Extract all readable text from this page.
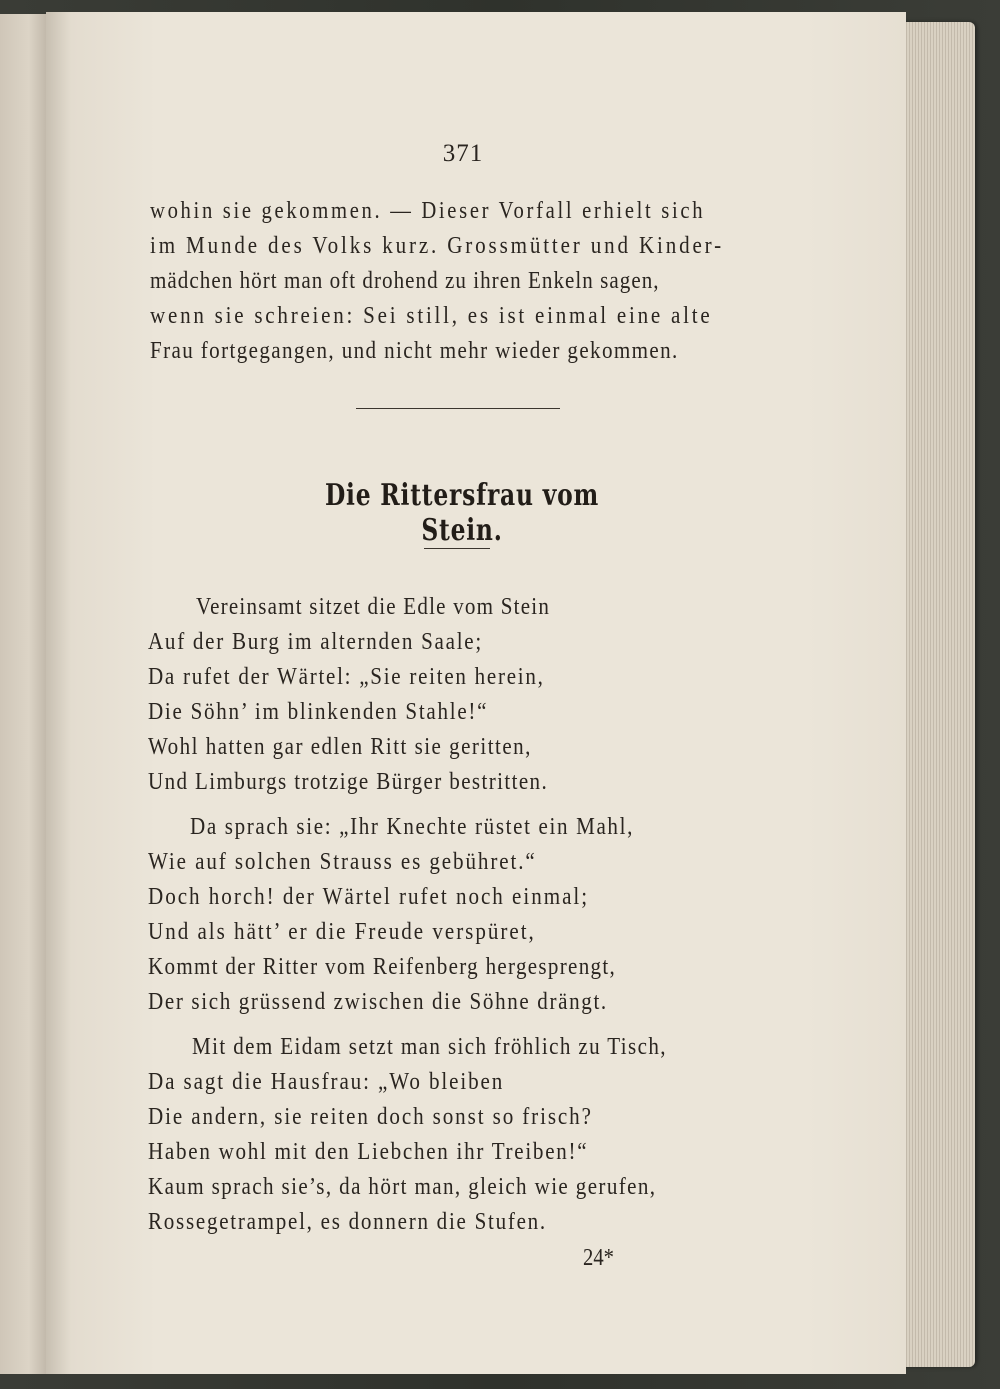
371
wohin sie gekommen. — Dieser Vorfall erhielt sich
im Munde des Volks kurz. Grossmütter und Kinder-
mädchen hört man oft drohend zu ihren Enkeln sagen,
wenn sie schreien: Sei still, es ist einmal eine alte
Frau fortgegangen, und nicht mehr wieder gekommen.
Die Rittersfrau vom Stein.
Vereinsamt sitzet die Edle vom Stein
Auf der Burg im alternden Saale;
Da rufet der Wärtel: „Sie reiten herein,
Die Söhn’ im blinkenden Stahle!“
Wohl hatten gar edlen Ritt sie geritten,
Und Limburgs trotzige Bürger bestritten.
Da sprach sie: „Ihr Knechte rüstet ein Mahl,
Wie auf solchen Strauss es gebühret.“
Doch horch! der Wärtel rufet noch einmal;
Und als hätt’ er die Freude verspüret,
Kommt der Ritter vom Reifenberg hergesprengt,
Der sich grüssend zwischen die Söhne drängt.
Mit dem Eidam setzt man sich fröhlich zu Tisch,
Da sagt die Hausfrau: „Wo bleiben
Die andern, sie reiten doch sonst so frisch?
Haben wohl mit den Liebchen ihr Treiben!“
Kaum sprach sie’s, da hört man, gleich wie gerufen,
Rossegetrampel, es donnern die Stufen.
24*
